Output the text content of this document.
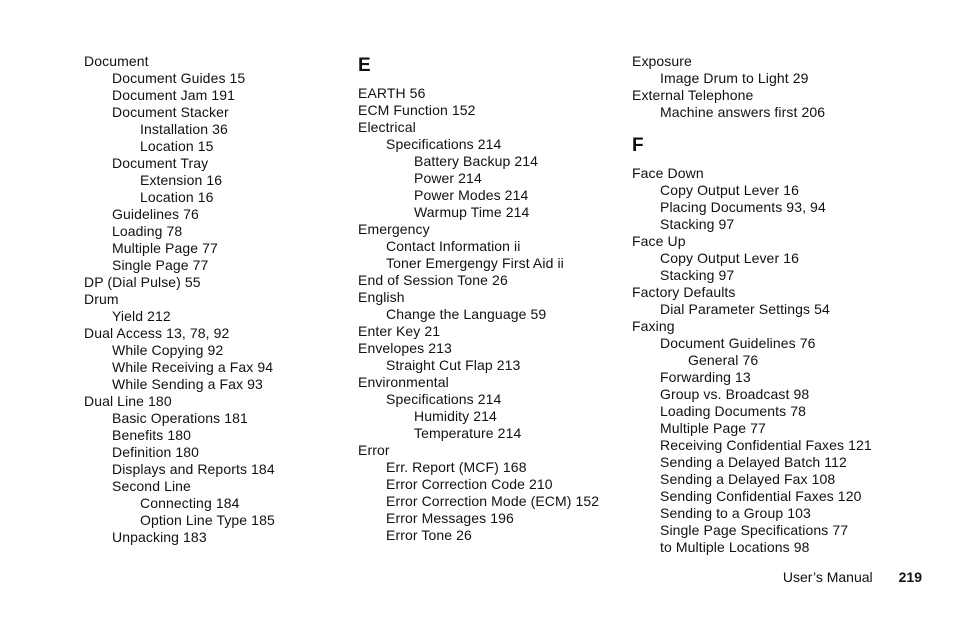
Document
Document Guides 15
Document Jam 191
Document Stacker
Installation 36
Location 15
Document Tray
Extension 16
Location 16
Guidelines 76
Loading 78
Multiple Page 77
Single Page 77
DP (Dial Pulse) 55
Drum
Yield 212
Dual Access 13, 78, 92
While Copying 92
While Receiving a Fax 94
While Sending a Fax 93
Dual Line 180
Basic Operations 181
Benefits 180
Definition 180
Displays and Reports 184
Second Line
Connecting 184
Option Line Type 185
Unpacking 183
E
EARTH 56
ECM Function 152
Electrical
Specifications 214
Battery Backup 214
Power 214
Power Modes 214
Warmup Time 214
Emergency
Contact Information ii
Toner Emergengy First Aid ii
End of Session Tone 26
English
Change the Language 59
Enter Key 21
Envelopes 213
Straight Cut Flap 213
Environmental
Specifications 214
Humidity 214
Temperature 214
Error
Err. Report (MCF) 168
Error Correction Code 210
Error Correction Mode (ECM) 152
Error Messages 196
Error Tone 26
Exposure
Image Drum to Light 29
External Telephone
Machine answers first 206
F
Face Down
Copy Output Lever 16
Placing Documents 93, 94
Stacking 97
Face Up
Copy Output Lever 16
Stacking 97
Factory Defaults
Dial Parameter Settings 54
Faxing
Document Guidelines 76
General 76
Forwarding 13
Group vs. Broadcast 98
Loading Documents 78
Multiple Page 77
Receiving Confidential Faxes 121
Sending a Delayed Batch 112
Sending a Delayed Fax 108
Sending Confidential Faxes 120
Sending to a Group 103
Single Page Specifications 77
to Multiple Locations 98
User’s Manual 219
